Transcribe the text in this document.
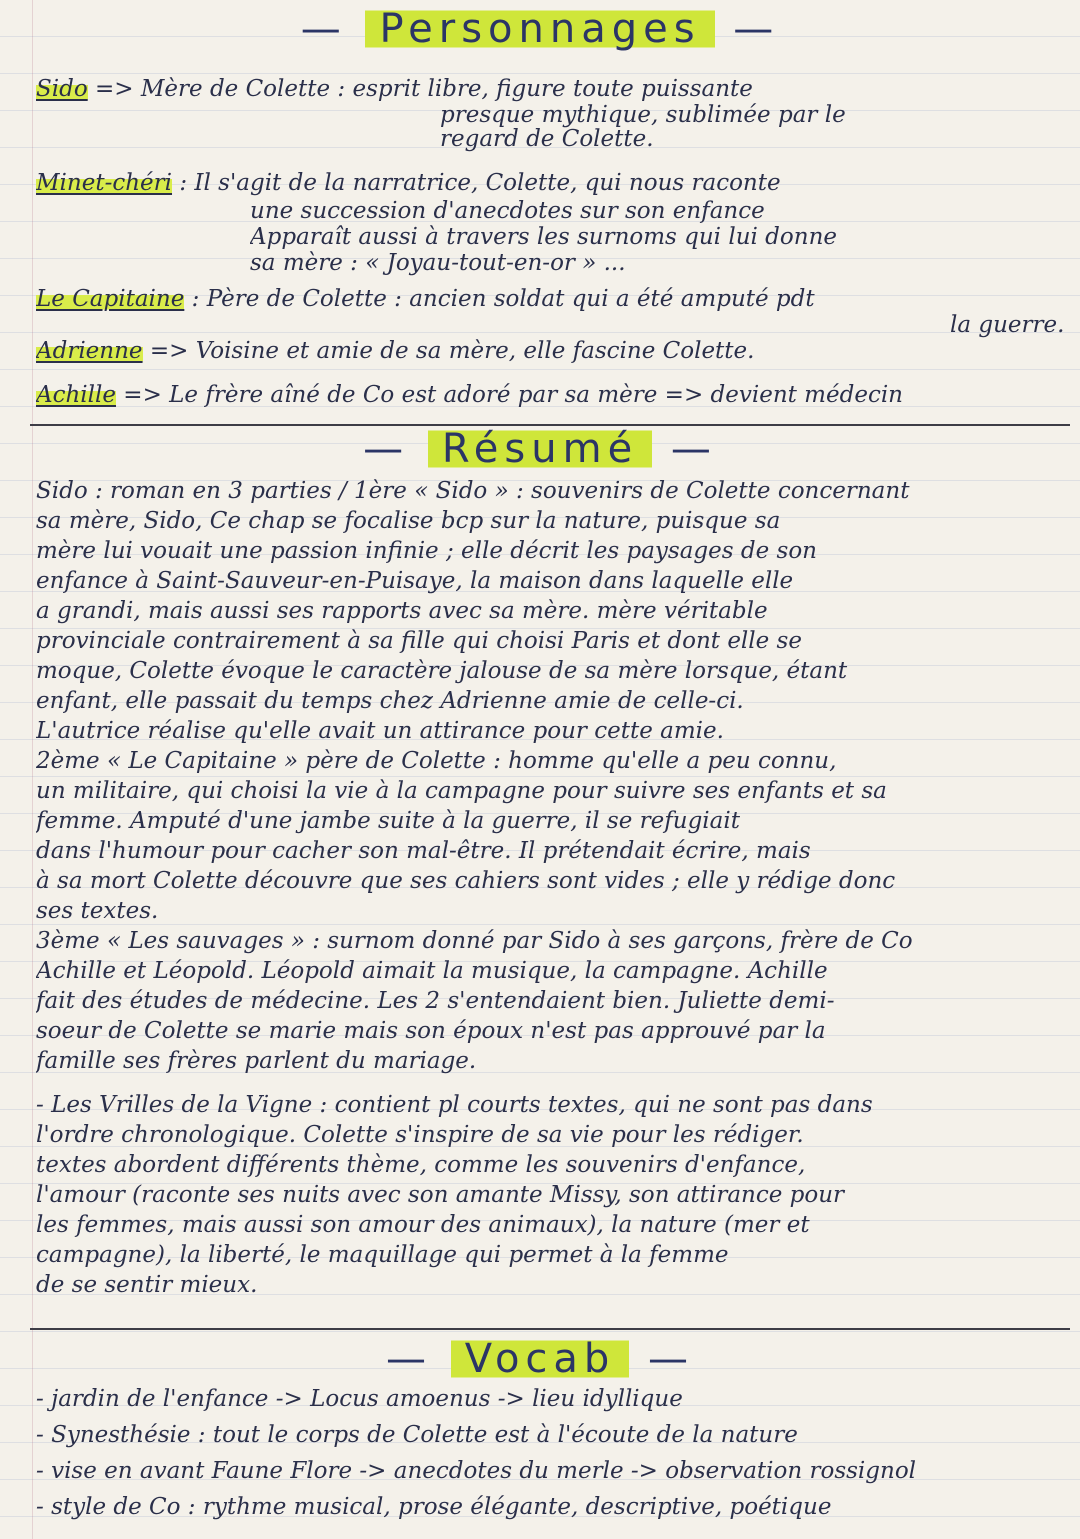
— Personnages —
Sido => Mère de Colette : esprit libre, figure toute puissante
presque mythique, sublimée par le
regard de Colette.
Minet-chéri : Il s'agit de la narratrice, Colette, qui nous raconte
une succession d'anecdotes sur son enfance
Apparaît aussi à travers les surnoms qui lui donne
sa mère : « Joyau-tout-en-or » ...
Le Capitaine : Père de Colette : ancien soldat qui a été amputé pdt
la guerre.
Adrienne => Voisine et amie de sa mère, elle fascine Colette.
Achille => Le frère aîné de Co est adoré par sa mère => devient médecin
— Résumé —
Sido : roman en 3 parties / 1ère « Sido » : souvenirs de Colette concernant
sa mère, Sido, Ce chap se focalise bcp sur la nature, puisque sa
mère lui vouait une passion infinie ; elle décrit les paysages de son
enfance à Saint-Sauveur-en-Puisaye, la maison dans laquelle elle
a grandi, mais aussi ses rapports avec sa mère. mère véritable
provinciale contrairement à sa fille qui choisi Paris et dont elle se
moque, Colette évoque le caractère jalouse de sa mère lorsque, étant
enfant, elle passait du temps chez Adrienne amie de celle-ci.
L'autrice réalise qu'elle avait un attirance pour cette amie.
2ème « Le Capitaine » père de Colette : homme qu'elle a peu connu,
un militaire, qui choisi la vie à la campagne pour suivre ses enfants et sa
femme. Amputé d'une jambe suite à la guerre, il se refugiait
dans l'humour pour cacher son mal-être. Il prétendait écrire, mais
à sa mort Colette découvre que ses cahiers sont vides ; elle y rédige donc
ses textes.
3ème « Les sauvages » : surnom donné par Sido à ses garçons, frère de Co
Achille et Léopold. Léopold aimait la musique, la campagne. Achille
fait des études de médecine. Les 2 s'entendaient bien. Juliette demi-
soeur de Colette se marie mais son époux n'est pas approuvé par la
famille ses frères parlent du mariage.
- Les Vrilles de la Vigne : contient pl courts textes, qui ne sont pas dans
l'ordre chronologique. Colette s'inspire de sa vie pour les rédiger.
textes abordent différents thème, comme les souvenirs d'enfance,
l'amour (raconte ses nuits avec son amante Missy, son attirance pour
les femmes, mais aussi son amour des animaux), la nature (mer et
campagne), la liberté, le maquillage qui permet à la femme
de se sentir mieux.
— Vocab —
- jardin de l'enfance -> Locus amoenus -> lieu idyllique
- Synesthésie : tout le corps de Colette est à l'écoute de la nature
- vise en avant Faune Flore -> anecdotes du merle -> observation rossignol
- style de Co : rythme musical, prose élégante, descriptive, poétique
